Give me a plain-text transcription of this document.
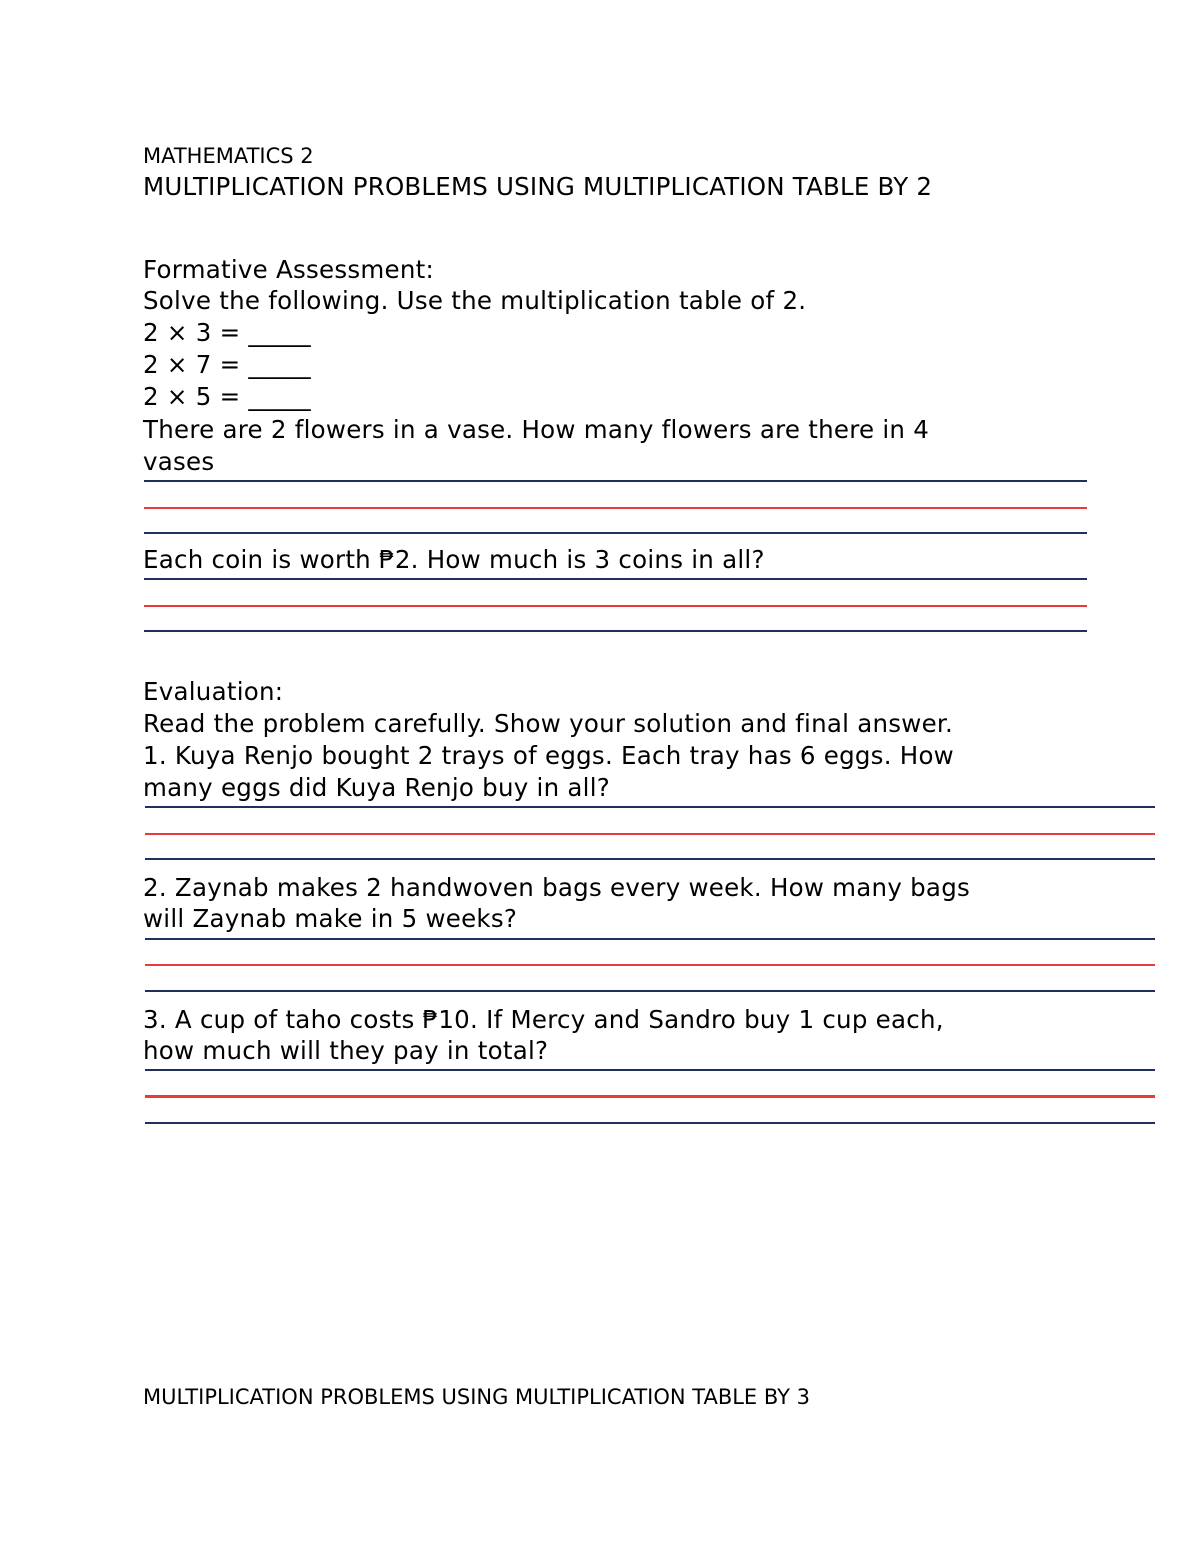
MATHEMATICS 2
MULTIPLICATION PROBLEMS USING MULTIPLICATION TABLE BY 2
Formative Assessment:
Solve the following. Use the multiplication table of 2.
2 × 3 = _____
2 × 7 = _____
2 × 5 = _____
There are 2 flowers in a vase. How many flowers are there in 4
vases
Each coin is worth ₱2. How much is 3 coins in all?
Evaluation:
Read the problem carefully. Show your solution and final answer.
1. Kuya Renjo bought 2 trays of eggs. Each tray has 6 eggs. How
many eggs did Kuya Renjo buy in all?
2. Zaynab makes 2 handwoven bags every week. How many bags
will Zaynab make in 5 weeks?
3. A cup of taho costs ₱10. If Mercy and Sandro buy 1 cup each,
how much will they pay in total?
MULTIPLICATION PROBLEMS USING MULTIPLICATION TABLE BY 3
